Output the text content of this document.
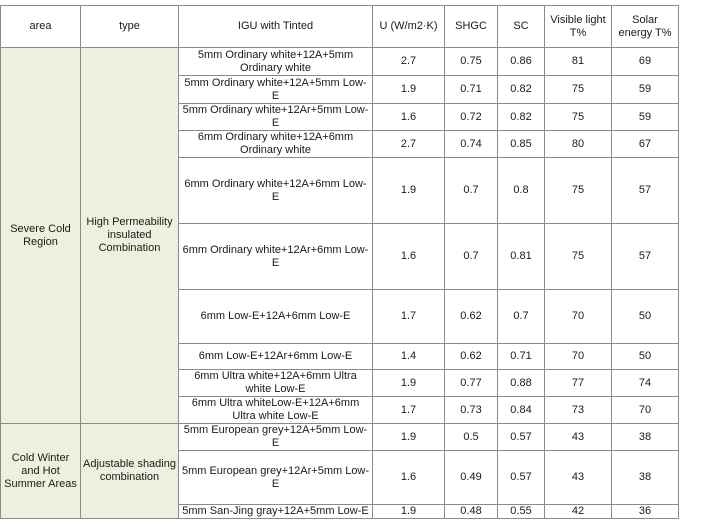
area	type	IGU with Tinted	U (W/m2·K)	SHGC	SC	Visible light T%	Solar energy T%
Severe Cold Region	High Permeability insulated Combination	5mm Ordinary white+12A+5mm Ordinary white	2.7	0.75	0.86	81	69
		5mm Ordinary white+12A+5mm Low-E	1.9	0.71	0.82	75	59
		5mm Ordinary white+12Ar+5mm Low-E	1.6	0.72	0.82	75	59
		6mm Ordinary white+12A+6mm Ordinary white	2.7	0.74	0.85	80	67
		6mm Ordinary white+12A+6mm Low-E	1.9	0.7	0.8	75	57
		6mm Ordinary white+12Ar+6mm Low-E	1.6	0.7	0.81	75	57
		6mm Low-E+12A+6mm Low-E	1.7	0.62	0.7	70	50
		6mm Low-E+12Ar+6mm Low-E	1.4	0.62	0.71	70	50
		6mm Ultra white+12A+6mm Ultra white Low-E	1.9	0.77	0.88	77	74
		6mm Ultra whiteLow-E+12A+6mm Ultra white Low-E	1.7	0.73	0.84	73	70
Cold Winter and Hot Summer Areas	Adjustable shading combination	5mm European grey+12A+5mm Low-E	1.9	0.5	0.57	43	38
		5mm European grey+12Ar+5mm Low-E	1.6	0.49	0.57	43	38
		5mm San-Jing gray+12A+5mm Low-E	1.9	0.48	0.55	42	36
